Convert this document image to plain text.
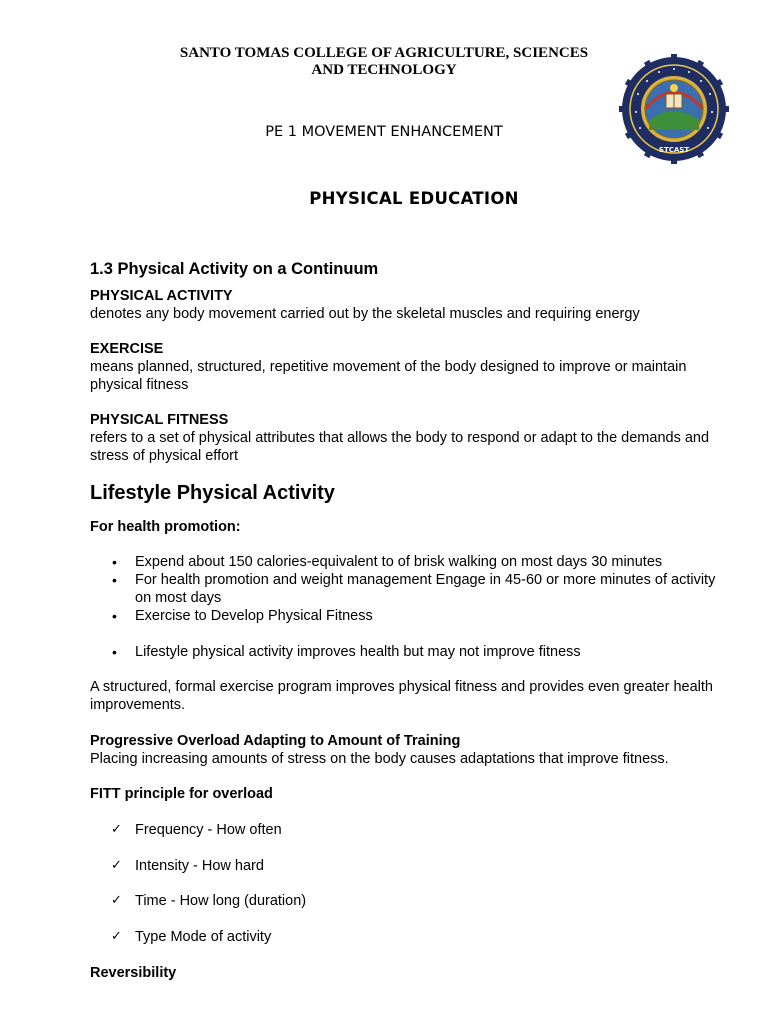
SANTO TOMAS COLLEGE OF AGRICULTURE, SCIENCES
AND TECHNOLOGY
PE 1 MOVEMENT ENHANCEMENT
STCAST
PHYSICAL EDUCATION
1.3 Physical Activity on a Continuum

PHYSICAL ACTIVITY

denotes any body movement carried out by the skeletal muscles and requiring energy

EXERCISE

means planned, structured, repetitive movement of the body designed to improve or maintain physical fitness

PHYSICAL FITNESS

refers to a set of physical attributes that allows the body to respond or adapt to the demands and stress of physical effort

Lifestyle Physical Activity

For health promotion:

• Expend about 150 calories-equivalent to of brisk walking on most days 30 minutes
• For health promotion and weight management Engage in 45-60 or more minutes of activity on most days
• Exercise to Develop Physical Fitness
• Lifestyle physical activity improves health but may not improve fitness

A structured, formal exercise program improves physical fitness and provides even greater health improvements.

Progressive Overload Adapting to Amount of Training

Placing increasing amounts of stress on the body causes adaptations that improve fitness.

FITT principle for overload

✓ Frequency - How often
✓ Intensity - How hard
✓ Time - How long (duration)
✓ Type Mode of activity

Reversibility
